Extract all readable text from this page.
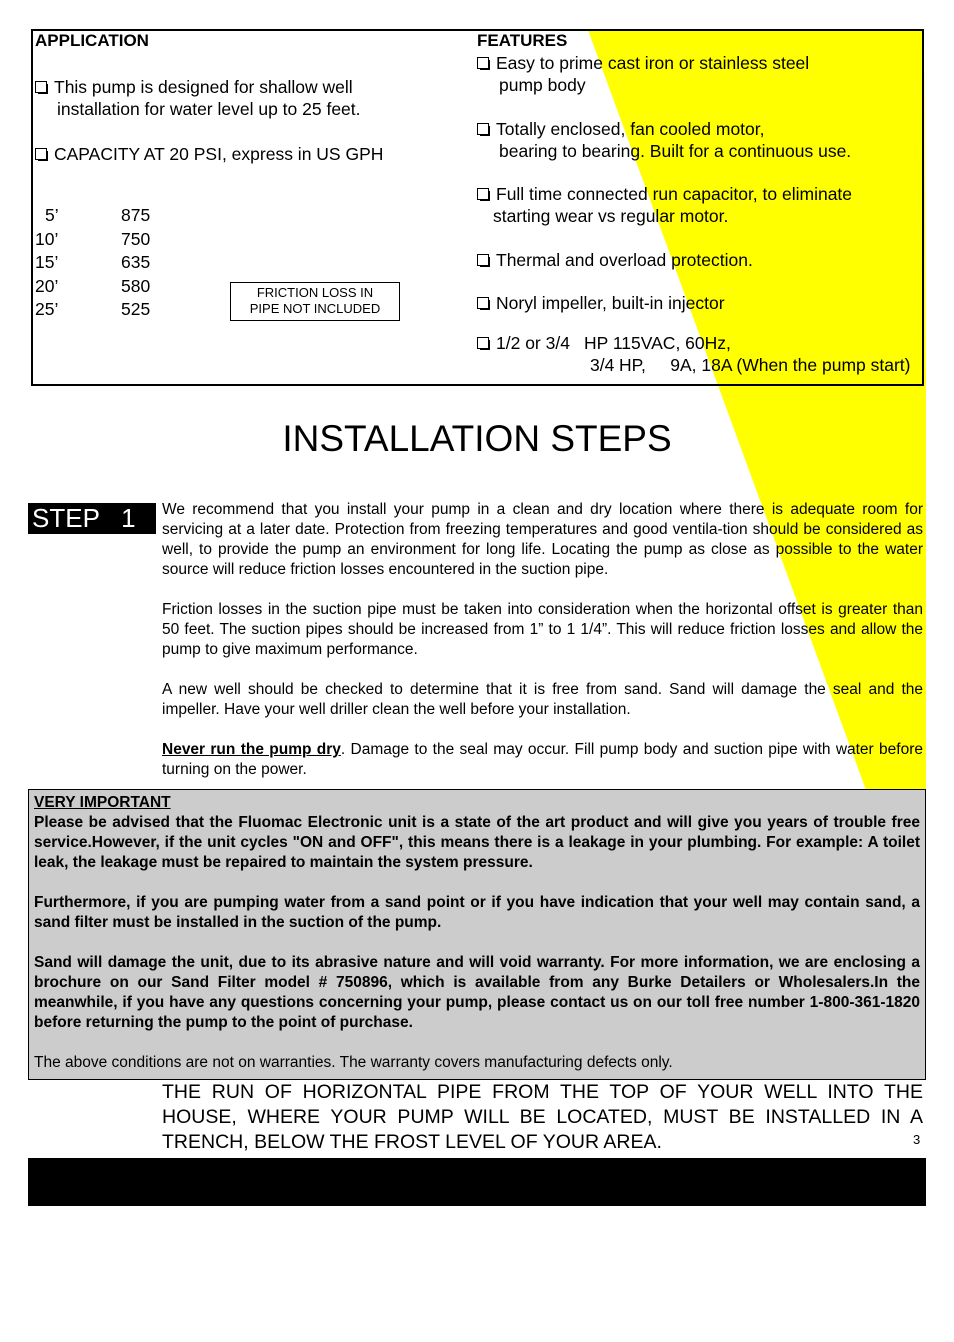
APPLICATION
This pump is designed for shallow well
installation for water level up to 25 feet.
CAPACITY AT 20 PSI, express in US GPH
5’	875
10’	750
15’	635
20’	580
25’	525
FRICTION LOSS IN
PIPE NOT INCLUDED
FEATURES
Easy to prime cast iron or stainless steel
pump body
Totally enclosed, fan cooled motor,
bearing to bearing. Built for a continuous use.
Full time connected run capacitor, to eliminate
starting wear vs regular motor.
Thermal and overload protection.
Noryl impeller, built-in injector
1/2 or 3/4 HP 115VAC, 60Hz,
3/4 HP,     9A, 18A (When the pump start)
INSTALLATION STEPS
STEP   1	We recommend that you install your pump in a clean and dry location where there is adequate room for servicing at a later date. Protection from freezing temperatures and good ventila-tion should be considered as well, to provide the pump an environment for long life. Locating the pump as close as possible to the water source will reduce friction losses encountered in the suction pipe.
Friction losses in the suction pipe must be taken into consideration when the horizontal offset is greater than 50 feet. The suction pipes should be increased from 1” to 1 1/4”. This will reduce friction losses and allow the pump to give maximum performance.
A new well should be checked to determine that it is free from sand. Sand will damage the seal and the impeller. Have your well driller clean the well before your installation.
Never run the pump dry. Damage to the seal may occur. Fill pump body and suction pipe with water before turning on the power.

VERY IMPORTANT

Please be advised that the Fluomac Electronic unit is a state of the art product and will give you years of trouble free service.However, if the unit cycles "ON and OFF", this means there is a leakage in your plumbing. For example: A toilet leak, the leakage must be repaired to maintain the system pressure.

Furthermore, if you are pumping water from a sand point or if you have indication that your well may contain sand, a sand filter must be installed in the suction of the pump.

Sand will damage the unit, due to its abrasive nature and will void warranty. For more information, we are enclosing a brochure on our Sand Filter model # 750896, which is available from any Burke Detailers or Wholesalers.In the meanwhile, if you have any questions concerning your pump, please contact us on our toll free number 1-800-361-1820 before returning the pump to the point of purchase.

The above conditions are not on warranties. The warranty covers manufacturing defects only.

THE RUN OF HORIZONTAL PIPE FROM THE TOP OF YOUR WELL INTO THE HOUSE, WHERE YOUR PUMP WILL BE LOCATED, MUST BE INSTALLED IN A TRENCH, BELOW THE FROST LEVEL OF YOUR AREA.	3

FOR  INFORMATION

TEL: 514.337.4415

FAX: 514.337.4029
